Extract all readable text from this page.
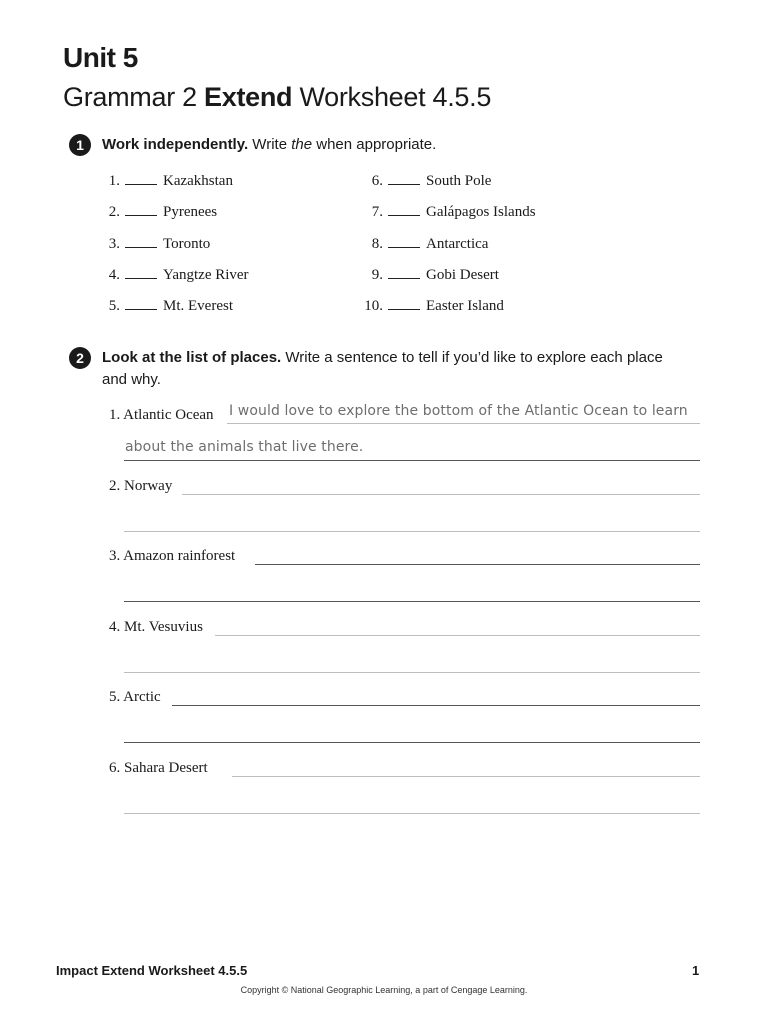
Unit 5
Grammar 2 Extend Worksheet 4.5.5
1	Work independently. Write the when appropriate.
1.	Kazakhstan
2.	Pyrenees
3.	Toronto
4.	Yangtze River
5.	Mt. Everest
6.	South Pole
7.	Galápagos Islands
8.	Antarctica
9.	Gobi Desert
10.	Easter Island
2	Look at the list of places. Write a sentence to tell if you’d like to explore each place
and why.
1. Atlantic Ocean I would love to explore the bottom of the Atlantic Ocean to learn
about the animals that live there.
2. Norway
3. Amazon rainforest
4. Mt. Vesuvius
5. Arctic
6. Sahara Desert
Impact Extend Worksheet 4.5.5	1
Copyright © National Geographic Learning, a part of Cengage Learning.
